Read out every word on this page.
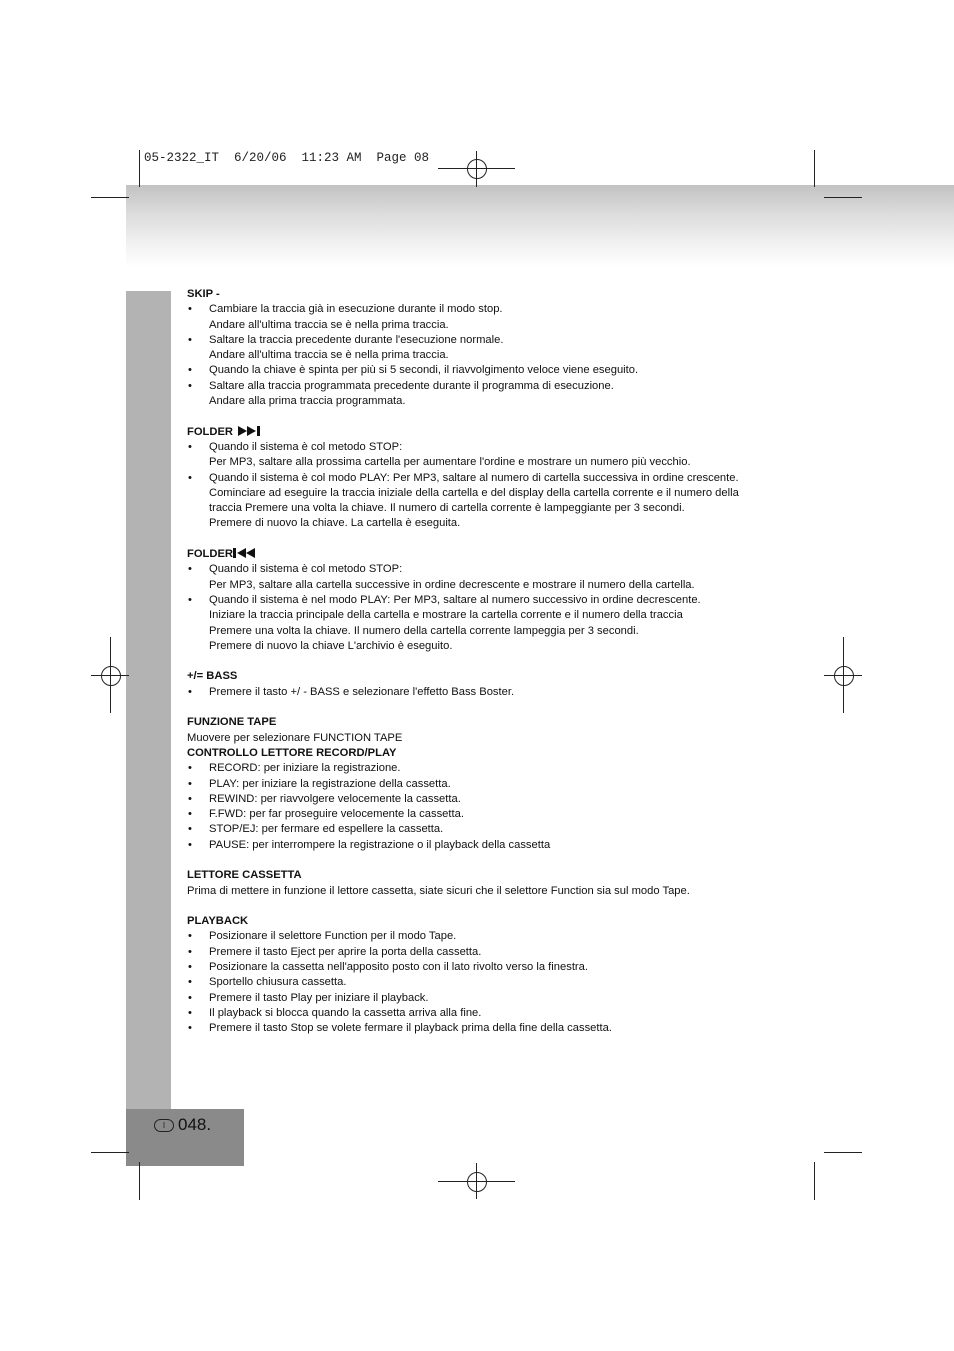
05-2322_IT  6/20/06  11:23 AM  Page 08
I 048.
SKIP -
• Cambiare la traccia già in esecuzione durante il modo stop.
Andare all'ultima traccia se è nella prima traccia.
• Saltare la traccia precedente durante l'esecuzione normale.
Andare all'ultima traccia se è nella prima traccia.
• Quando la chiave è spinta per più si 5 secondi, il riavvolgimento veloce viene eseguito.
• Saltare alla traccia programmata precedente durante il programma di esecuzione.
Andare alla prima traccia programmata.
FOLDER
• Quando il sistema è col metodo STOP:
Per MP3, saltare alla prossima cartella per aumentare l'ordine e mostrare un numero più vecchio.
• Quando il sistema è col modo PLAY: Per MP3, saltare al numero di cartella successiva in ordine crescente.
Cominciare ad eseguire la traccia iniziale della cartella e del display della cartella corrente e il numero della
traccia Premere una volta la chiave. Il numero di cartella corrente è lampeggiante per 3 secondi.
Premere di nuovo la chiave. La cartella è eseguita.
FOLDER
• Quando il sistema è col metodo STOP:
Per MP3, saltare alla cartella successive in ordine decrescente e mostrare il numero della cartella.
• Quando il sistema è nel modo PLAY: Per MP3, saltare al numero successivo in ordine decrescente.
Iniziare la traccia principale della cartella e mostrare la cartella corrente e il numero della traccia
Premere una volta la chiave. Il numero della cartella corrente lampeggia per 3 secondi.
Premere di nuovo la chiave L'archivio è eseguito.
+/= BASS
• Premere il tasto +/ - BASS e selezionare l'effetto Bass Boster.
FUNZIONE TAPE

Muovere per selezionare FUNCTION TAPE

CONTROLLO LETTORE RECORD/PLAY
• RECORD: per iniziare la registrazione.
• PLAY: per iniziare la registrazione della cassetta.
• REWIND: per riavvolgere velocemente la cassetta.
• F.FWD: per far proseguire velocemente la cassetta.
• STOP/EJ: per fermare ed espellere la cassetta.
• PAUSE: per interrompere la registrazione o il playback della cassetta
LETTORE CASSETTA

Prima di mettere in funzione il lettore cassetta, siate sicuri che il selettore Function sia sul modo Tape.

PLAYBACK
• Posizionare il selettore Function per il modo Tape.
• Premere il tasto Eject per aprire la porta della cassetta.
• Posizionare la cassetta nell'apposito posto con il lato rivolto verso la finestra.
• Sportello chiusura cassetta.
• Premere il tasto Play per iniziare il playback.
• Il playback si blocca quando la cassetta arriva alla fine.
• Premere il tasto Stop se volete fermare il playback prima della fine della cassetta.
